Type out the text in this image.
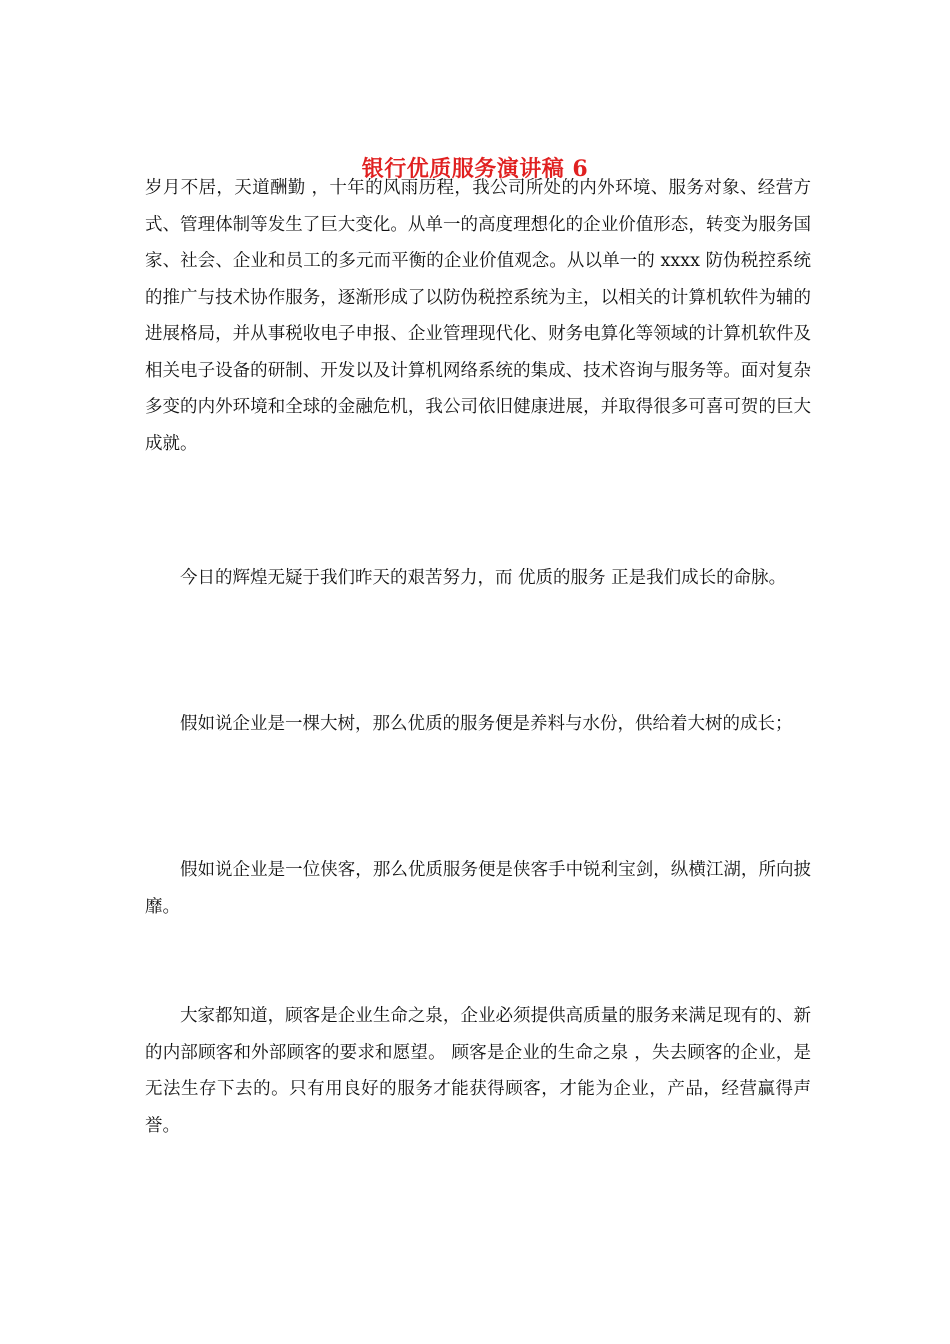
银行优质服务演讲稿 6

岁月不居，天道酬勤 ，十年的风雨历程，我公司所处的内外环境、服务对象、经营方式、管理体制等发生了巨大变化。从单一的高度理想化的企业价值形态，转变为服务国家、社会、企业和员工的多元而平衡的企业价值观念。从以单一的 xxxx 防伪税控系统的推广与技术协作服务，逐渐形成了以防伪税控系统为主，以相关的计算机软件为辅的进展格局，并从事税收电子申报、企业管理现代化、财务电算化等领域的计算机软件及相关电子设备的研制、开发以及计算机网络系统的集成、技术咨询与服务等。面对复杂多变的内外环境和全球的金融危机，我公司依旧健康进展，并取得很多可喜可贺的巨大成就。

今日的辉煌无疑于我们昨天的艰苦努力，而 优质的服务 正是我们成长的命脉。

假如说企业是一棵大树，那么优质的服务便是养料与水份，供给着大树的成长；

假如说企业是一位侠客，那么优质服务便是侠客手中锐利宝剑，纵横江湖，所向披靡。

大家都知道，顾客是企业生命之泉，企业必须提供高质量的服务来满足现有的、新的内部顾客和外部顾客的要求和愿望。 顾客是企业的生命之泉 ，失去顾客的企业，是无法生存下去的。只有用良好的服务才能获得顾客，才能为企业，产品，经营赢得声誉。
